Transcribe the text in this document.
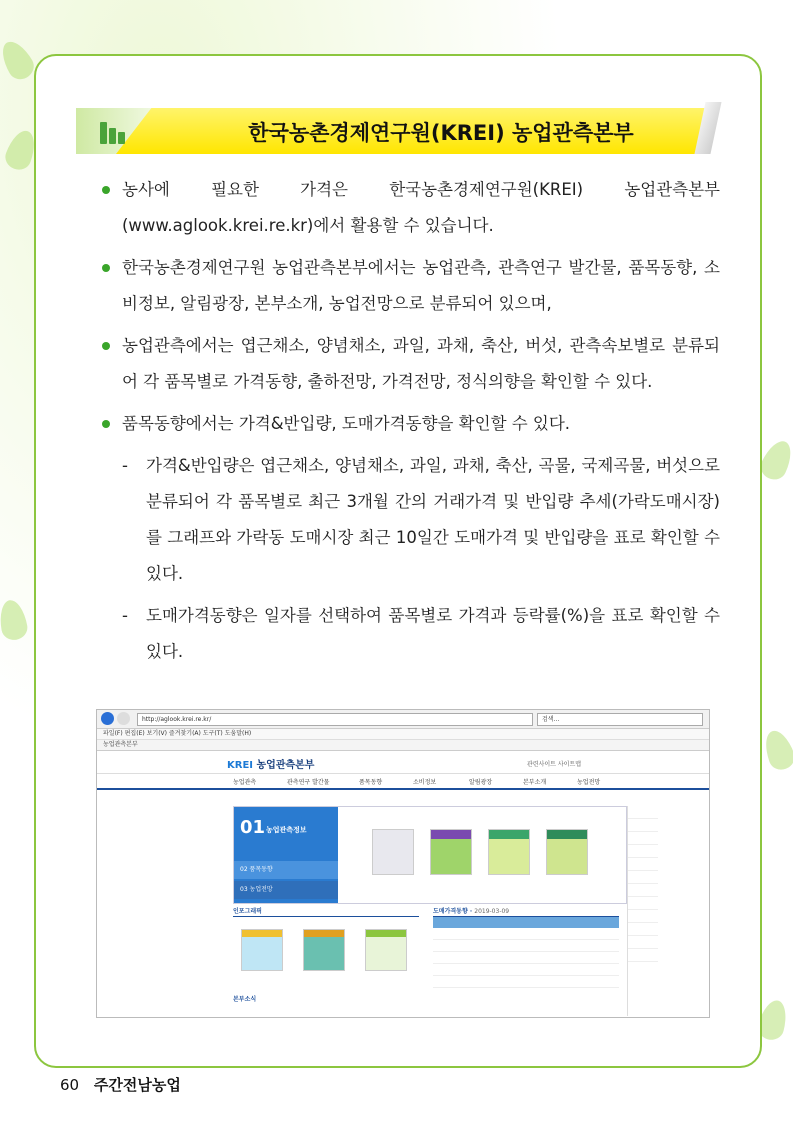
한국농촌경제연구원(KREI) 농업관측본부
농사에 필요한 가격은 한국농촌경제연구원(KREI) 농업관측본부(www.aglook.krei.re.kr)에서 활용할 수 있습니다.
한국농촌경제연구원 농업관측본부에서는 농업관측, 관측연구 발간물, 품목동향, 소비정보, 알림광장, 본부소개, 농업전망으로 분류되어 있으며,
농업관측에서는 엽근채소, 양념채소, 과일, 과채, 축산, 버섯, 관측속보별로 분류되어 각 품목별로 가격동향, 출하전망, 가격전망, 정식의향을 확인할 수 있다.
품목동향에서는 가격&반입량, 도매가격동향을 확인할 수 있다.
- 가격&반입량은 엽근채소, 양념채소, 과일, 과채, 축산, 곡물, 국제곡물, 버섯으로 분류되어 각 품목별로 최근 3개월 간의 거래가격 및 반입량 추세(가락도매시장)를 그래프와 가락동 도매시장 최근 10일간 도매가격 및 반입량을 표로 확인할 수 있다.
- 도매가격동향은 일자를 선택하여 품목별로 가격과 등락률(%)을 표로 확인할 수 있다.
http://aglook.krei.re.kr/	검색...
파일(F) 편집(E) 보기(V) 즐겨찾기(A) 도구(T) 도움말(H)
농업관측본부
KREI 농업관측본부	관련사이트 사이트맵
농업관측	관측연구 발간물	품목동향	소비정보	알림광장	본부소개	농업전망
01 농업관측정보
02 품목동향
03 농업전망
인포그래픽	도매가격동향 · 2019-03-09

본부소식
60 주간전남농업
